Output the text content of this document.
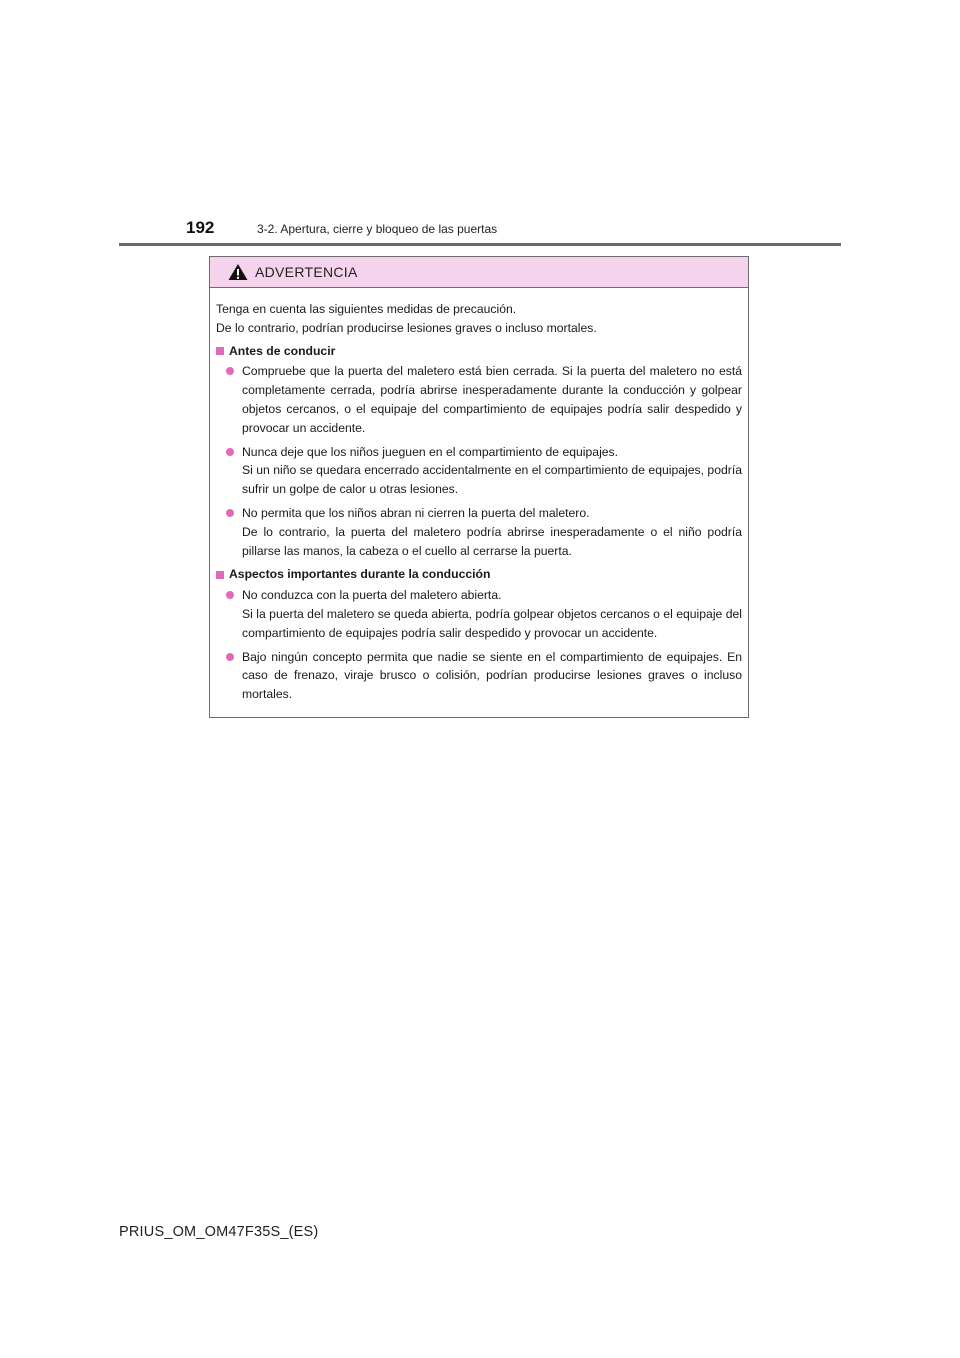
192	3-2. Apertura, cierre y bloqueo de las puertas
ADVERTENCIA

Tenga en cuenta las siguientes medidas de precaución.

De lo contrario, podrían producirse lesiones graves o incluso mortales.

Antes de conducir

Compruebe que la puerta del maletero está bien cerrada. Si la puerta del maletero no está completamente cerrada, podría abrirse inesperadamente durante la conducción y golpear objetos cercanos, o el equipaje del compartimiento de equipajes podría salir despedido y provocar un accidente.

Nunca deje que los niños jueguen en el compartimiento de equipajes.

Si un niño se quedara encerrado accidentalmente en el compartimiento de equipajes, podría sufrir un golpe de calor u otras lesiones.

No permita que los niños abran ni cierren la puerta del maletero.

De lo contrario, la puerta del maletero podría abrirse inesperadamente o el niño podría pillarse las manos, la cabeza o el cuello al cerrarse la puerta.

Aspectos importantes durante la conducción

No conduzca con la puerta del maletero abierta.

Si la puerta del maletero se queda abierta, podría golpear objetos cercanos o el equipaje del compartimiento de equipajes podría salir despedido y provocar un accidente.

Bajo ningún concepto permita que nadie se siente en el compartimiento de equipajes. En caso de frenazo, viraje brusco o colisión, podrían producirse lesiones graves o incluso mortales.

PRIUS_OM_OM47F35S_(ES)
